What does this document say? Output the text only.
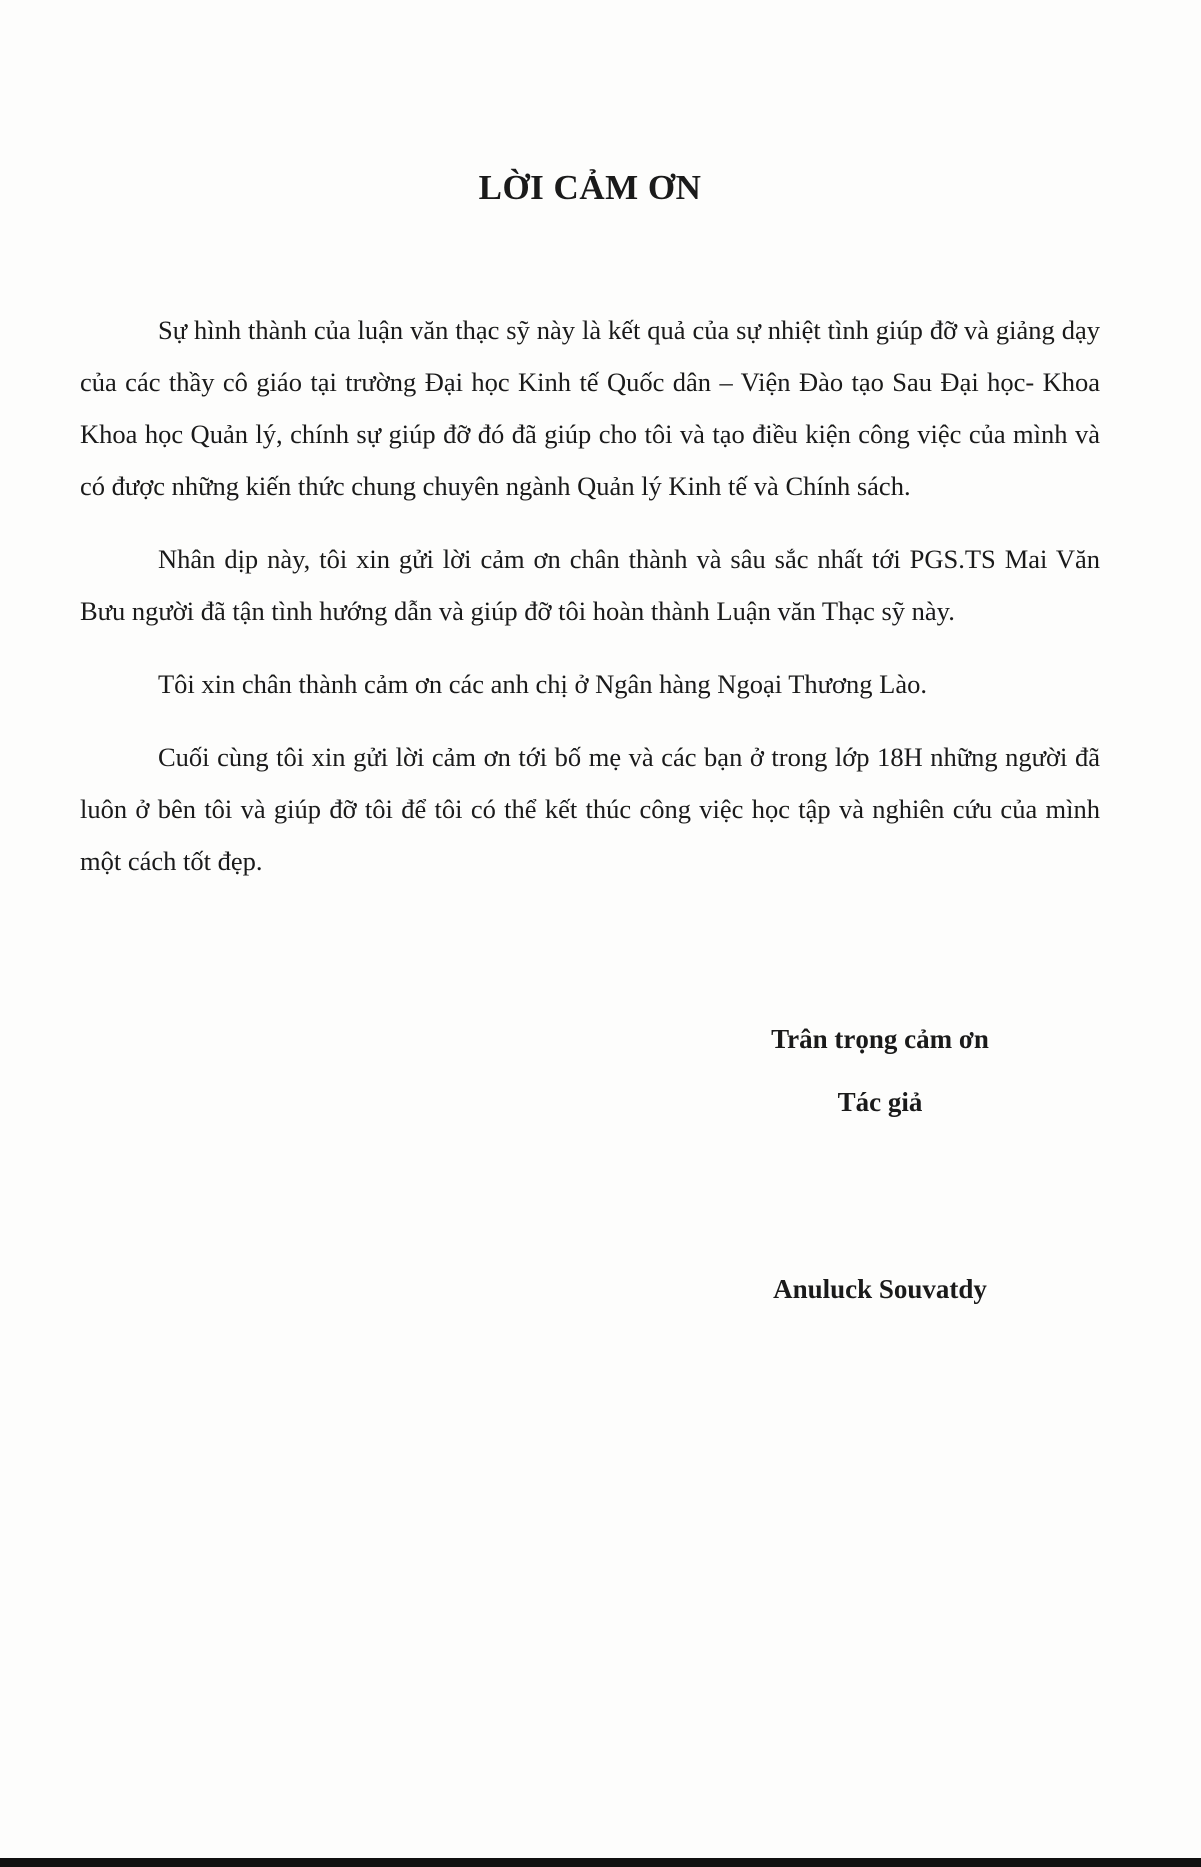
LỜI CẢM ƠN

Sự hình thành của luận văn thạc sỹ này là kết quả của sự nhiệt tình giúp đỡ và giảng dạy của các thầy cô giáo tại trường Đại học Kinh tế Quốc dân – Viện Đào tạo Sau Đại học- Khoa Khoa học Quản lý, chính sự giúp đỡ đó đã giúp cho tôi và tạo điều kiện công việc của mình và có được những kiến thức chung chuyên ngành Quản lý Kinh tế và Chính sách.

Nhân dịp này, tôi xin gửi lời cảm ơn chân thành và sâu sắc nhất tới PGS.TS Mai Văn Bưu người đã tận tình hướng dẫn và giúp đỡ tôi hoàn thành Luận văn Thạc sỹ này.

Tôi xin chân thành cảm ơn các anh chị ở Ngân hàng Ngoại Thương Lào.

Cuối cùng tôi xin gửi lời cảm ơn tới bố mẹ và các bạn ở trong lớp 18H những người đã luôn ở bên tôi và giúp đỡ tôi để tôi có thể kết thúc công việc học tập và nghiên cứu của mình một cách tốt đẹp.

Trân trọng cảm ơn

Tác giả

Anuluck Souvatdy
